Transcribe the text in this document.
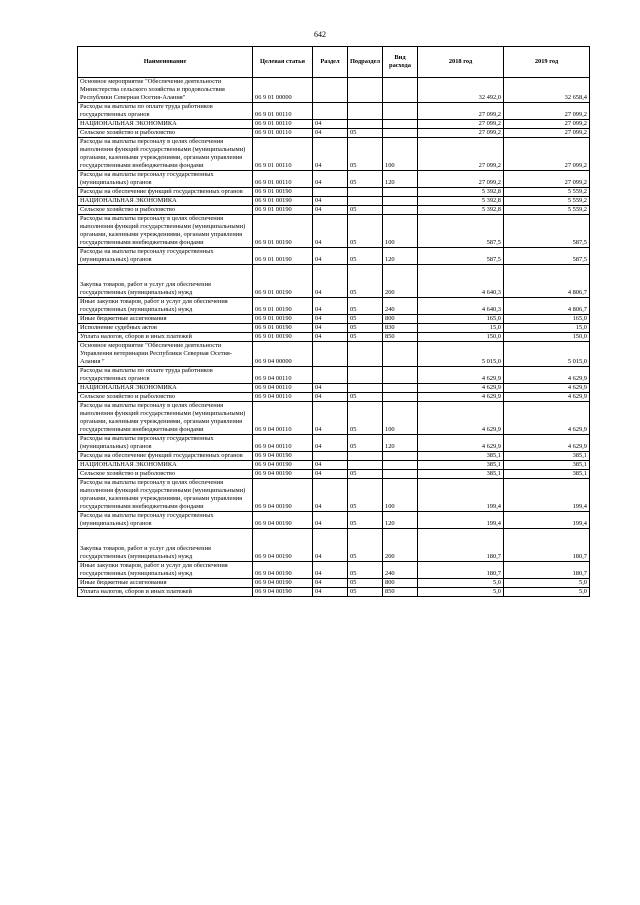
642
Наименование	Целевая статья	Раздел	Подраздел	Вид расхода	2018 год	2019 год
Основное мероприятие "Обеспечение деятельности Министерства сельского хозяйства и продовольствия Республики Северная Осетия-Алания"	06 9 01 00000				32 492,0	32 658,4
Расходы на выплаты по оплате труда работников государственных органов	06 9 01 00110				27 099,2	27 099,2
НАЦИОНАЛЬНАЯ ЭКОНОМИКА	06 9 01 00110	04			27 099,2	27 099,2
Сельское хозяйство и рыболовство	06 9 01 00110	04	05		27 099,2	27 099,2
Расходы на выплаты персоналу в целях обеспечения выполнения функций государственными (муниципальными) органами, казенными учреждениями, органами управления государственными внебюджетными фондами	06 9 01 00110	04	05	100	27 099,2	27 099,2
Расходы на выплаты персоналу государственных (муниципальных) органов	06 9 01 00110	04	05	120	27 099,2	27 099,2
Расходы на обеспечение функций государственных органов	06 9 01 00190				5 392,8	5 559,2
НАЦИОНАЛЬНАЯ ЭКОНОМИКА	06 9 01 00190	04			5 392,8	5 559,2
Сельское хозяйство и рыболовство	06 9 01 00190	04	05		5 392,8	5 559,2
Расходы на выплаты персоналу в целях обеспечения выполнения функций государственными (муниципальными) органами, казенными учреждениями, органами управления государственными внебюджетными фондами	06 9 01 00190	04	05	100	587,5	587,5
Расходы на выплаты персоналу государственных (муниципальных) органов	06 9 01 00190	04	05	120	587,5	587,5
Закупка товаров, работ и услуг для обеспечения государственных (муниципальных) нужд	06 9 01 00190	04	05	200	4 640,3	4 806,7
Иные закупки товаров, работ и услуг для обеспечения государственных (муниципальных) нужд	06 9 01 00190	04	05	240	4 640,3	4 806,7
Иные бюджетные ассигнования	06 9 01 00190	04	05	800	165,0	165,0
Исполнение судебных актов	06 9 01 00190	04	05	830	15,0	15,0
Уплата налогов, сборов и иных платежей	06 9 01 00190	04	05	850	150,0	150,0
Основное мероприятие "Обеспечение деятельности Управления ветеринарии Республики Северная Осетия-Алания "	06 9 04 00000				5 015,0	5 015,0
Расходы на выплаты по оплате труда работников государственных органов	06 9 04 00110				4 629,9	4 629,9
НАЦИОНАЛЬНАЯ ЭКОНОМИКА	06 9 04 00110	04			4 629,9	4 629,9
Сельское хозяйство и рыболовство	06 9 04 00110	04	05		4 629,9	4 629,9
Расходы на выплаты персоналу в целях обеспечения выполнения функций государственными (муниципальными) органами, казенными учреждениями, органами управления государственными внебюджетными фондами	06 9 04 00110	04	05	100	4 629,9	4 629,9
Расходы на выплаты персоналу государственных (муниципальных) органов	06 9 04 00110	04	05	120	4 629,9	4 629,9
Расходы на обеспечение функций государственных органов	06 9 04 00190				385,1	385,1
НАЦИОНАЛЬНАЯ ЭКОНОМИКА	06 9 04 00190	04			385,1	385,1
Сельское хозяйство и рыболовство	06 9 04 00190	04	05		385,1	385,1
Расходы на выплаты персоналу в целях обеспечения выполнения функций государственными (муниципальными) органами, казенными учреждениями, органами управления государственными внебюджетными фондами	06 9 04 00190	04	05	100	199,4	199,4
Расходы на выплаты персоналу государственных (муниципальных) органов	06 9 04 00190	04	05	120	199,4	199,4
Закупка товаров, работ и услуг для обеспечения государственных (муниципальных) нужд	06 9 04 00190	04	05	200	180,7	180,7
Иные закупки товаров, работ и услуг для обеспечения государственных (муниципальных) нужд	06 9 04 00190	04	05	240	180,7	180,7
Иные бюджетные ассигнования	06 9 04 00190	04	05	800	5,0	5,0
Уплата налогов, сборов и иных платежей	06 9 04 00190	04	05	850	5,0	5,0
